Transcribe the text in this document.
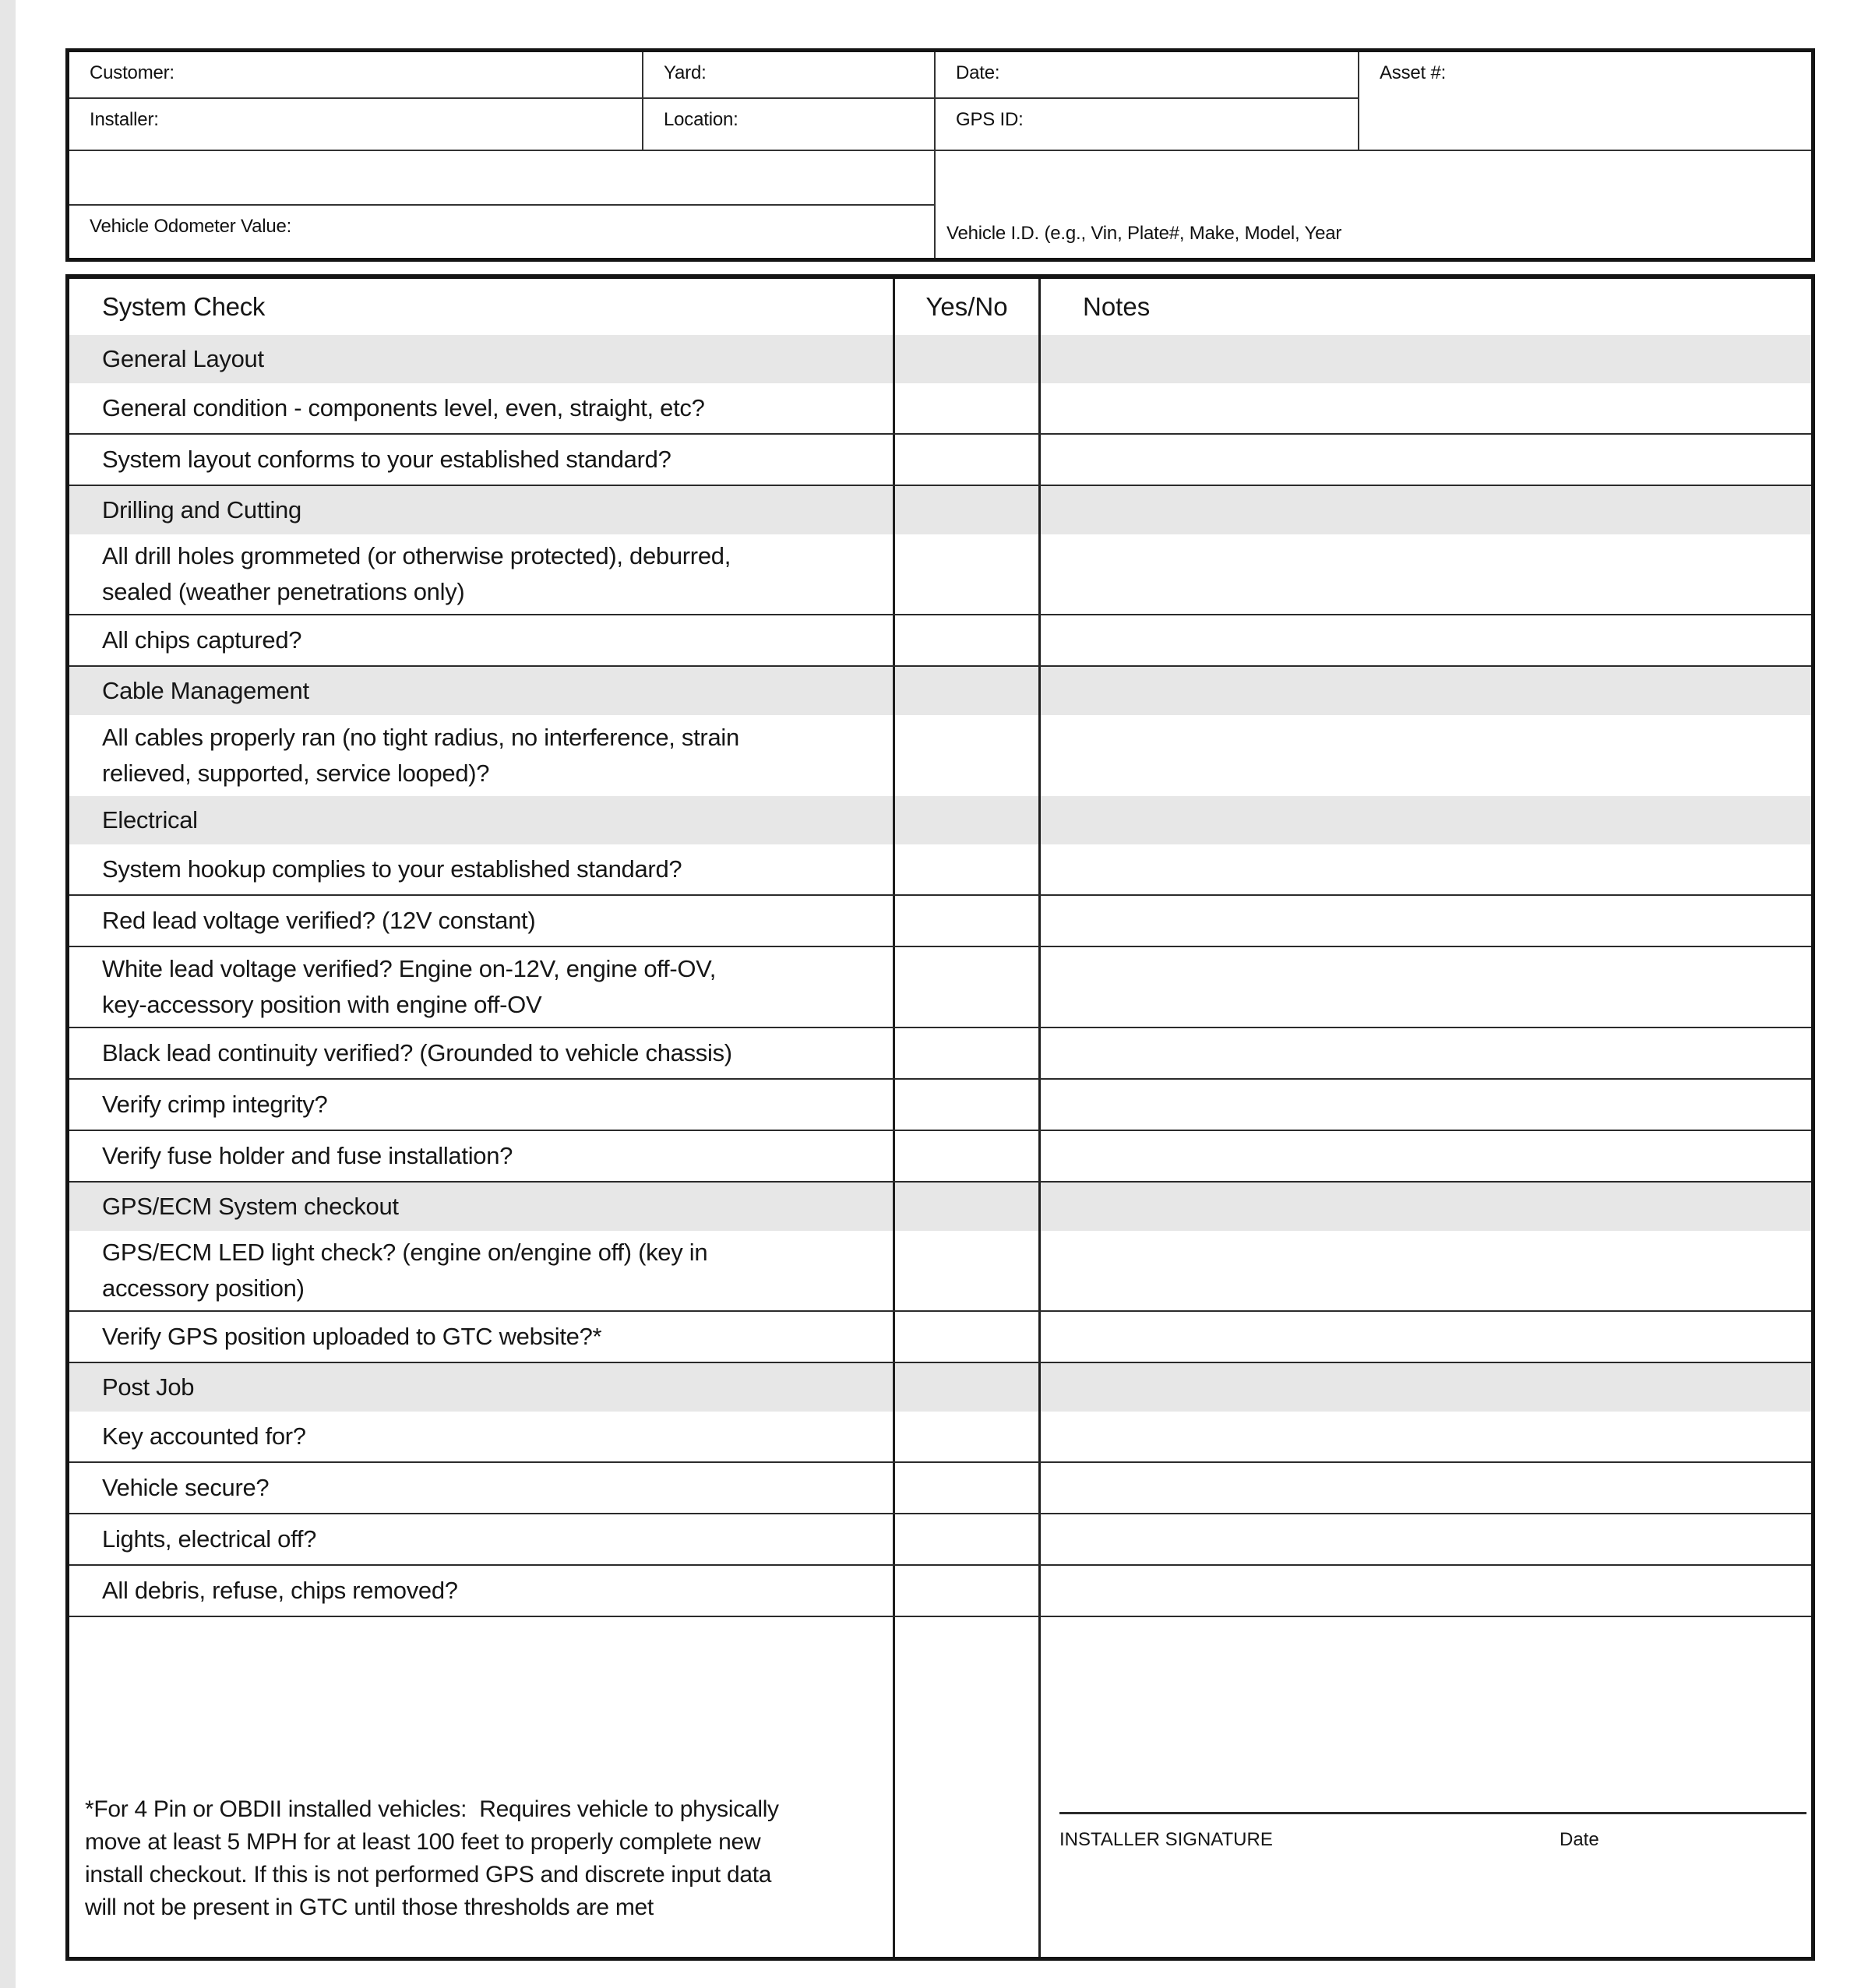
Customer:	Yard:	Date:	Asset #:
Installer:	Location:	GPS ID:
Vehicle Odometer Value:	Vehicle I.D. (e.g., Vin, Plate#, Make, Model, Year
System Check	Yes/No	Notes
General Layout
General condition - components level, even, straight, etc?
System layout conforms to your established standard?
Drilling and Cutting
All drill holes grommeted (or otherwise protected), deburred,
sealed (weather penetrations only)
All chips captured?
Cable Management
All cables properly ran (no tight radius, no interference, strain
relieved, supported, service looped)?
Electrical
System hookup complies to your established standard?
Red lead voltage verified? (12V constant)
White lead voltage verified? Engine on-12V, engine off-OV,
key-accessory position with engine off-OV
Black lead continuity verified? (Grounded to vehicle chassis)
Verify crimp integrity?
Verify fuse holder and fuse installation?
GPS/ECM System checkout
GPS/ECM LED light check? (engine on/engine off) (key in
accessory position)
Verify GPS position uploaded to GTC website?*
Post Job
Key accounted for?
Vehicle secure?
Lights, electrical off?
All debris, refuse, chips removed?
*For 4 Pin or OBDII installed vehicles:  Requires vehicle to physically
move at least 5 MPH for at least 100 feet to properly complete new
install checkout. If this is not performed GPS and discrete input data
will not be present in GTC until those thresholds are met
INSTALLER SIGNATURE	Date
